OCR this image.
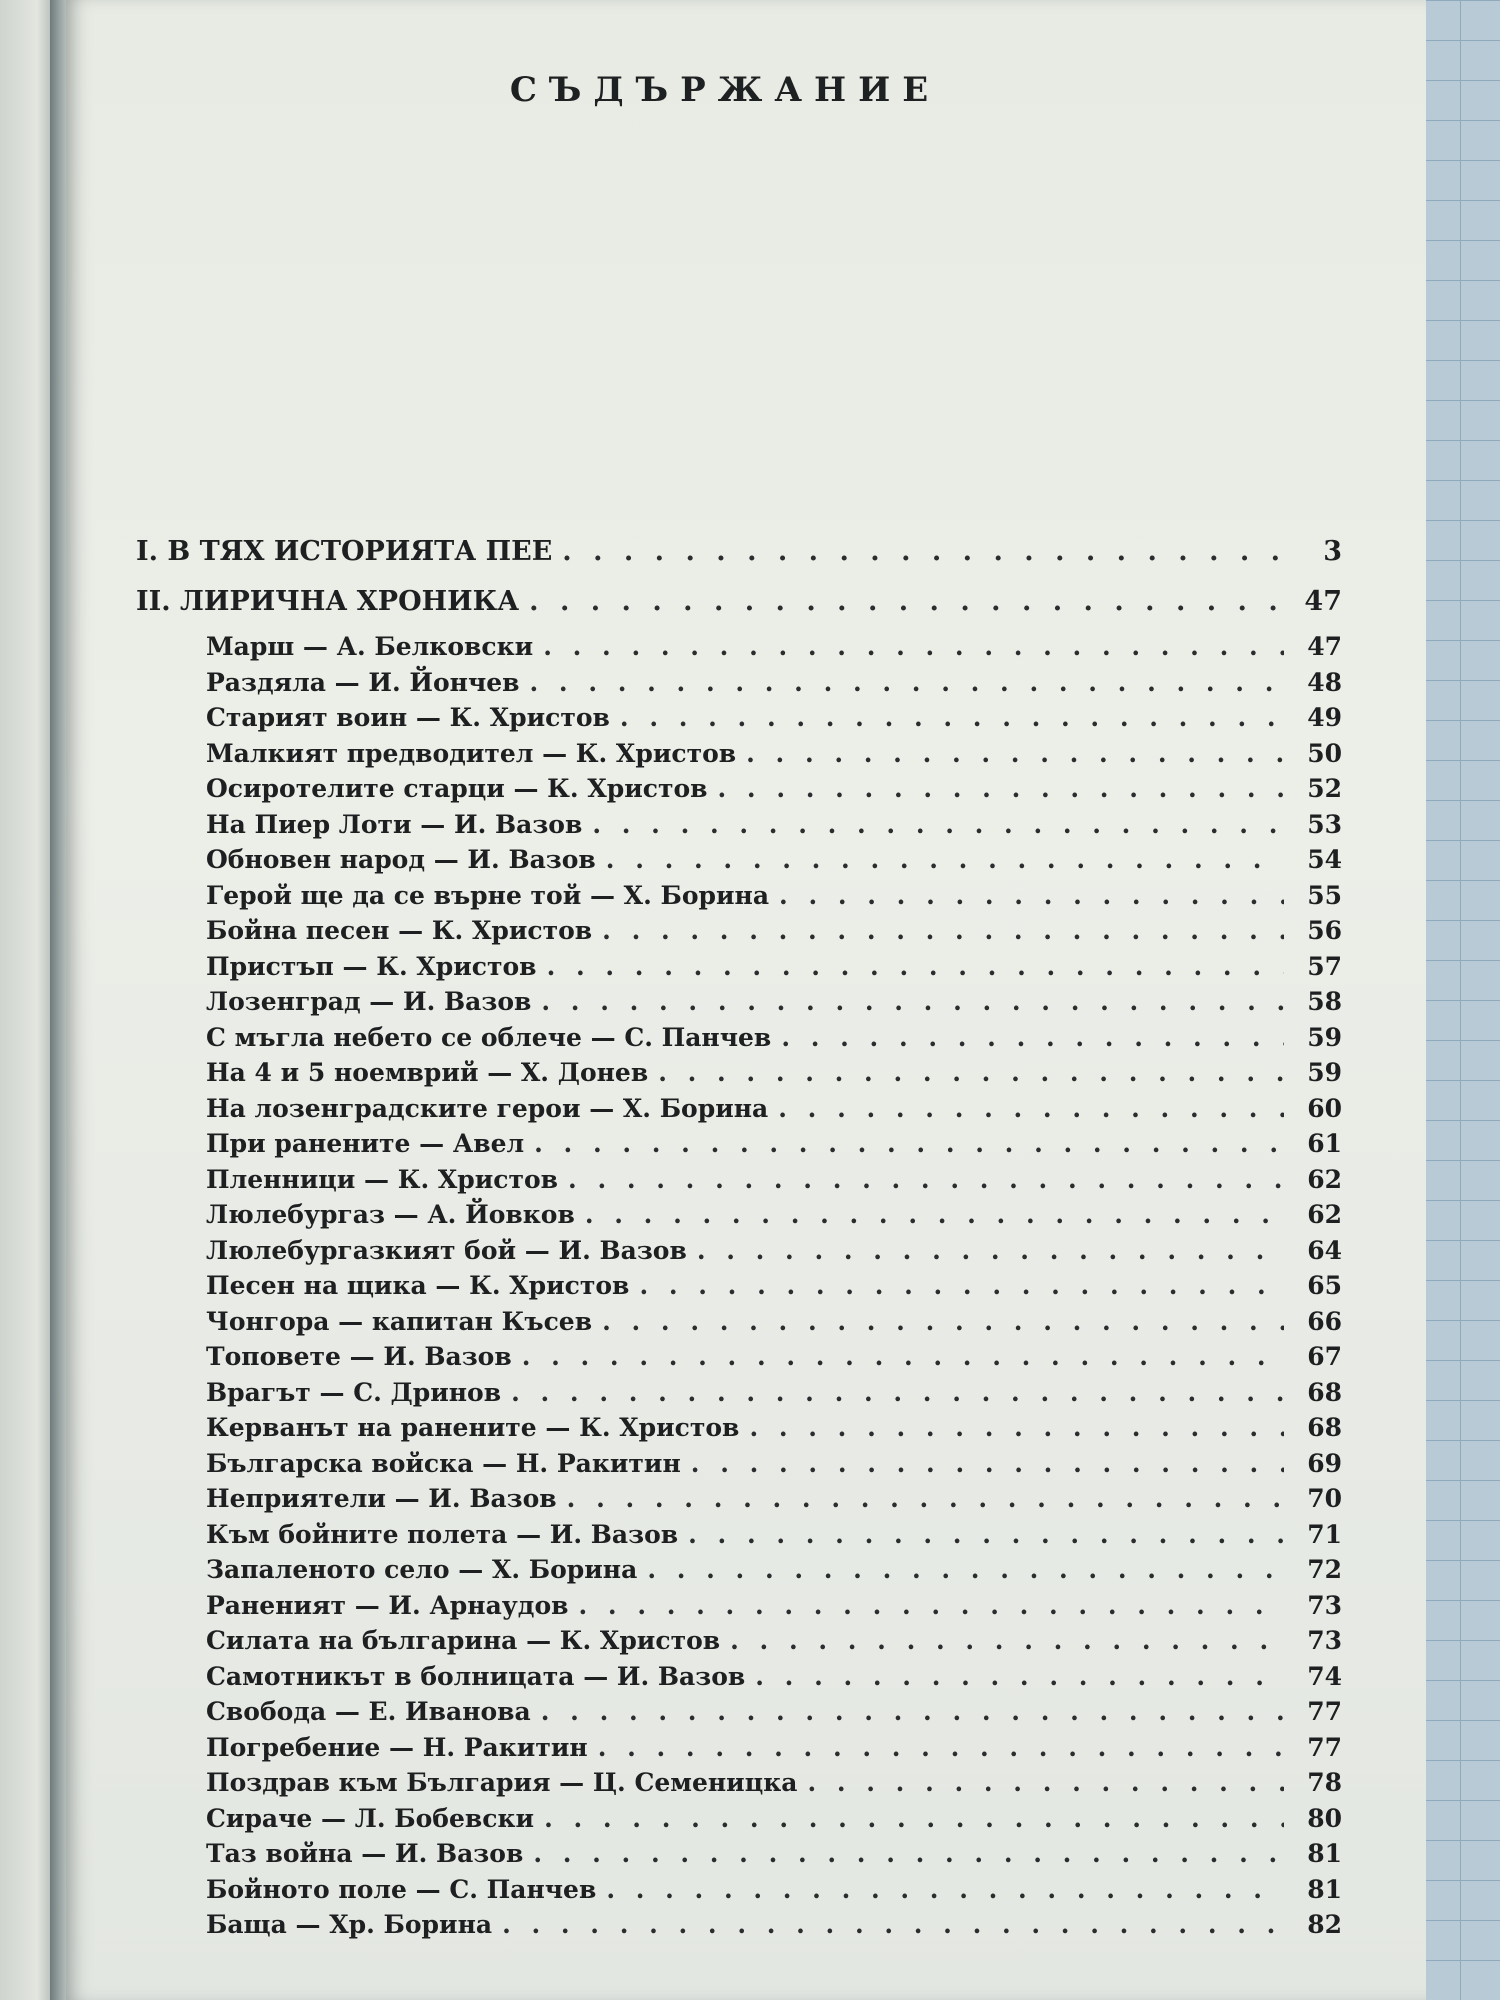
СЪДЪРЖАНИЕ
I. В ТЯХ ИСТОРИЯТА ПЕЕ . . .	3
II. ЛИРИЧНА ХРОНИКА . . .	47
Марш — А. Белковски . . .	47
Раздяла — И. Йончев . . .	48
Старият воин — К. Христов . . .	49
Малкият предводител — К. Христов . . .	50
Осиротелите старци — К. Христов . . .	52
На Пиер Лоти — И. Вазов . . .	53
Обновен народ — И. Вазов . . .	54
Герой ще да се върне той — Х. Борина . . .	55
Бойна песен — К. Христов . . .	56
Пристъп — К. Христов . . .	57
Лозенград — И. Вазов . . .	58
С мъгла небето се облече — С. Панчев . . .	59
На 4 и 5 ноемврий — Х. Донев . . .	59
На лозенградските герои — Х. Борина . . .	60
При ранените — Авел . . .	61
Пленници — К. Христов . . .	62
Люлебургаз — А. Йовков . . .	62
Люлебургазкият бой — И. Вазов . . .	64
Песен на щика — К. Христов . . .	65
Чонгора — капитан Късев . . .	66
Топовете — И. Вазов . . .	67
Врагът — С. Дринов . . .	68
Керванът на ранените — К. Христов . . .	68
Българска войска — Н. Ракитин . . .	69
Неприятели — И. Вазов . . .	70
Към бойните полета — И. Вазов . . .	71
Запаленото село — Х. Борина . . .	72
Раненият — И. Арнаудов . . .	73
Силата на българина — К. Христов . . .	73
Самотникът в болницата — И. Вазов . . .	74
Свобода — Е. Иванова . . .	77
Погребение — Н. Ракитин . . .	77
Поздрав към България — Ц. Семеницка . . .	78
Сираче — Л. Бобевски . . .	80
Таз война — И. Вазов . . .	81
Бойното поле — С. Панчев . . .	81
Баща — Хр. Борина . . .	82
